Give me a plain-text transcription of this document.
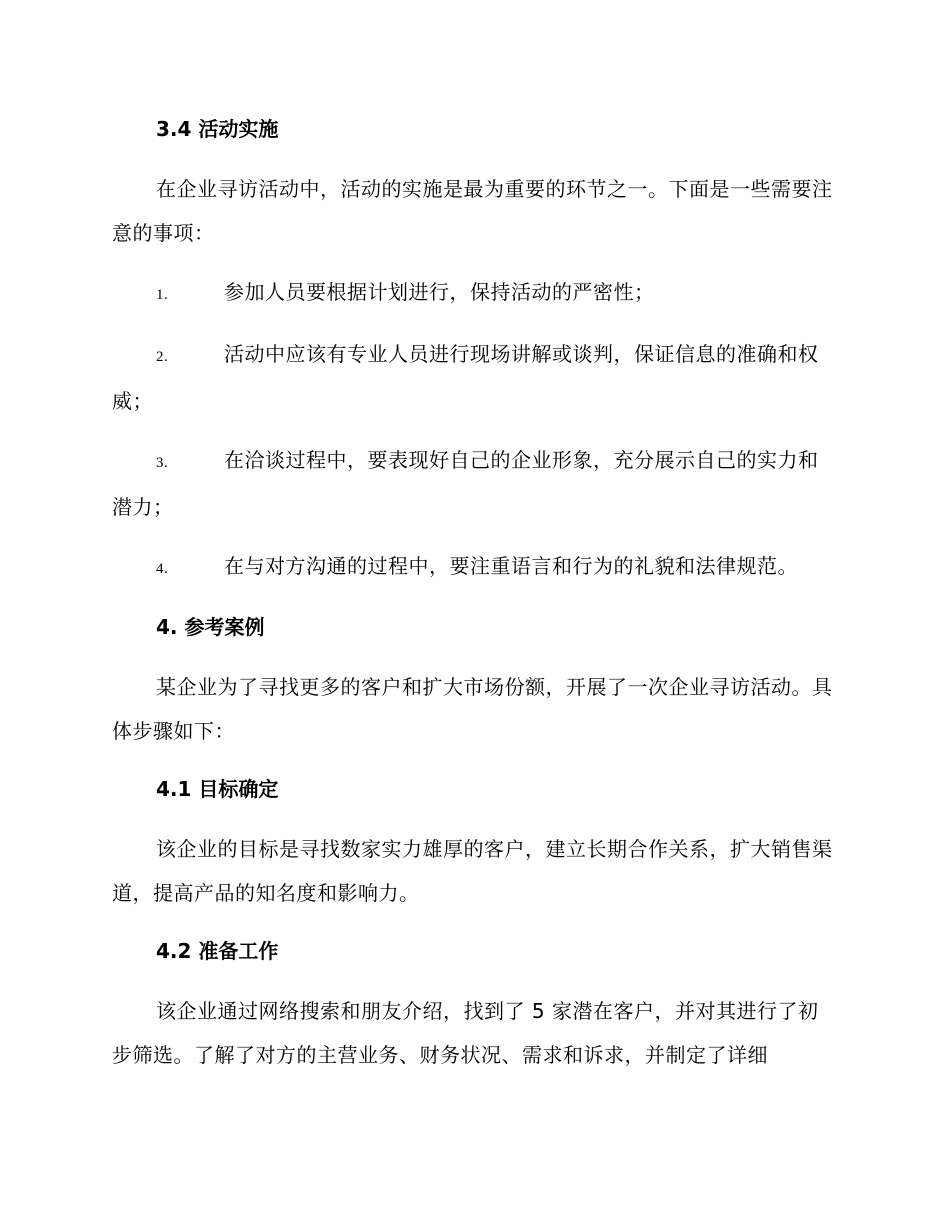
3.4 活动实施
在企业寻访活动中，活动的实施是最为重要的环节之一。下面是一些需要注意的事项：
1.	参加人员要根据计划进行，保持活动的严密性；
2.	活动中应该有专业人员进行现场讲解或谈判，保证信息的准确和权威；
3.	在洽谈过程中，要表现好自己的企业形象，充分展示自己的实力和潜力；
4.	在与对方沟通的过程中，要注重语言和行为的礼貌和法律规范。
4. 参考案例
某企业为了寻找更多的客户和扩大市场份额，开展了一次企业寻访活动。具体步骤如下：
4.1 目标确定
该企业的目标是寻找数家实力雄厚的客户，建立长期合作关系，扩大销售渠道，提高产品的知名度和影响力。
4.2 准备工作
该企业通过网络搜索和朋友介绍，找到了 5 家潜在客户，并对其进行了初步筛选。了解了对方的主营业务、财务状况、需求和诉求，并制定了详细
